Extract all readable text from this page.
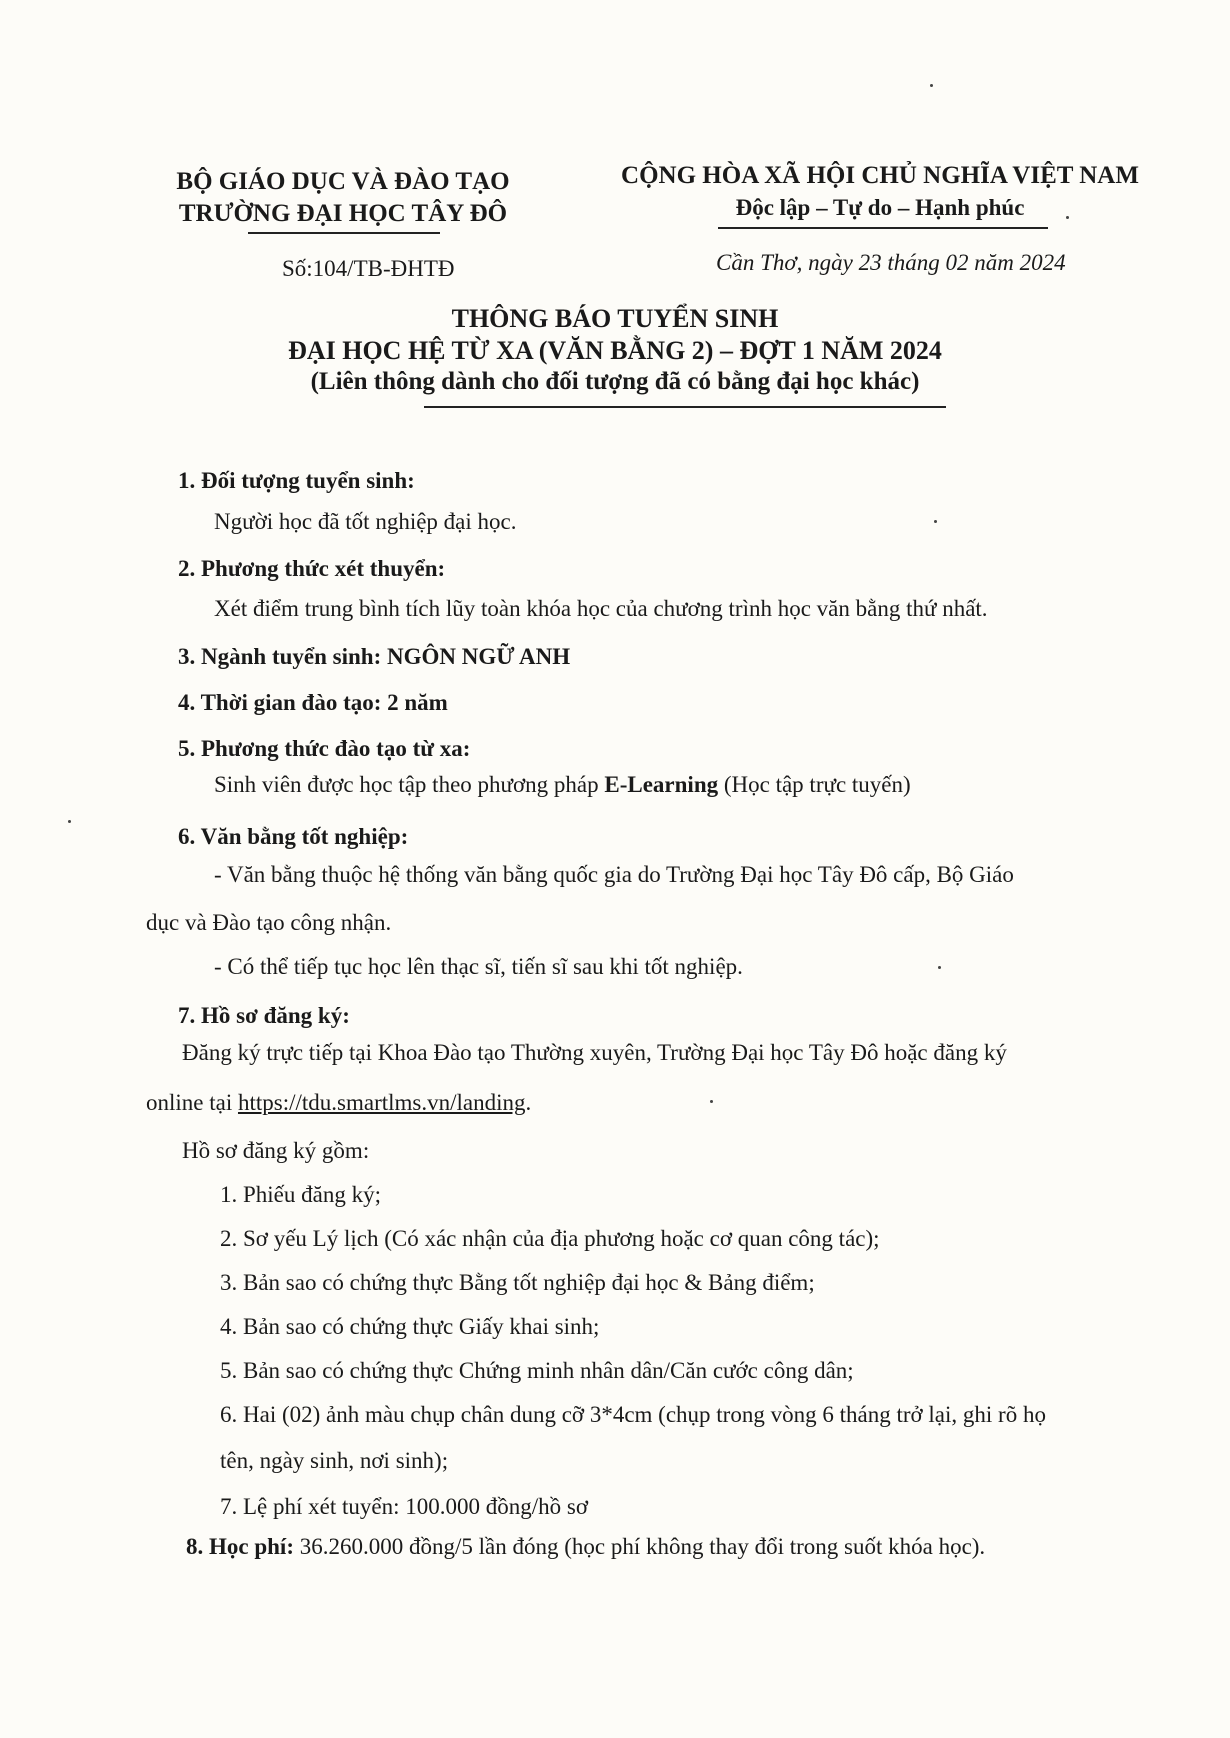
BỘ GIÁO DỤC VÀ ĐÀO TẠO
TRƯỜNG ĐẠI HỌC TÂY ĐÔ
CỘNG HÒA XÃ HỘI CHỦ NGHĨA VIỆT NAM
Độc lập – Tự do – Hạnh phúc
Số:104/TB-ĐHTĐ	Cần Thơ, ngày 23 tháng 02 năm 2024
THÔNG BÁO TUYỂN SINH
ĐẠI HỌC HỆ TỪ XA (VĂN BẰNG 2) – ĐỢT 1 NĂM 2024
(Liên thông dành cho đối tượng đã có bằng đại học khác)
1. Đối tượng tuyển sinh:
Người học đã tốt nghiệp đại học.
2. Phương thức xét thuyển:
Xét điểm trung bình tích lũy toàn khóa học của chương trình học văn bằng thứ nhất.
3. Ngành tuyển sinh: NGÔN NGỮ ANH
4. Thời gian đào tạo: 2 năm
5. Phương thức đào tạo từ xa:
Sinh viên được học tập theo phương pháp E-Learning (Học tập trực tuyến)
6. Văn bằng tốt nghiệp:
- Văn bằng thuộc hệ thống văn bằng quốc gia do Trường Đại học Tây Đô cấp, Bộ Giáo
dục và Đào tạo công nhận.
- Có thể tiếp tục học lên thạc sĩ, tiến sĩ sau khi tốt nghiệp.
7. Hồ sơ đăng ký:
Đăng ký trực tiếp tại Khoa Đào tạo Thường xuyên, Trường Đại học Tây Đô hoặc đăng ký
online tại https://tdu.smartlms.vn/landing.
Hồ sơ đăng ký gồm:
1. Phiếu đăng ký;
2. Sơ yếu Lý lịch (Có xác nhận của địa phương hoặc cơ quan công tác);
3. Bản sao có chứng thực Bằng tốt nghiệp đại học & Bảng điểm;
4. Bản sao có chứng thực Giấy khai sinh;
5. Bản sao có chứng thực Chứng minh nhân dân/Căn cước công dân;
6. Hai (02) ảnh màu chụp chân dung cỡ 3*4cm (chụp trong vòng 6 tháng trở lại, ghi rõ họ
tên, ngày sinh, nơi sinh);
7. Lệ phí xét tuyển: 100.000 đồng/hồ sơ
8. Học phí: 36.260.000 đồng/5 lần đóng (học phí không thay đổi trong suốt khóa học).
